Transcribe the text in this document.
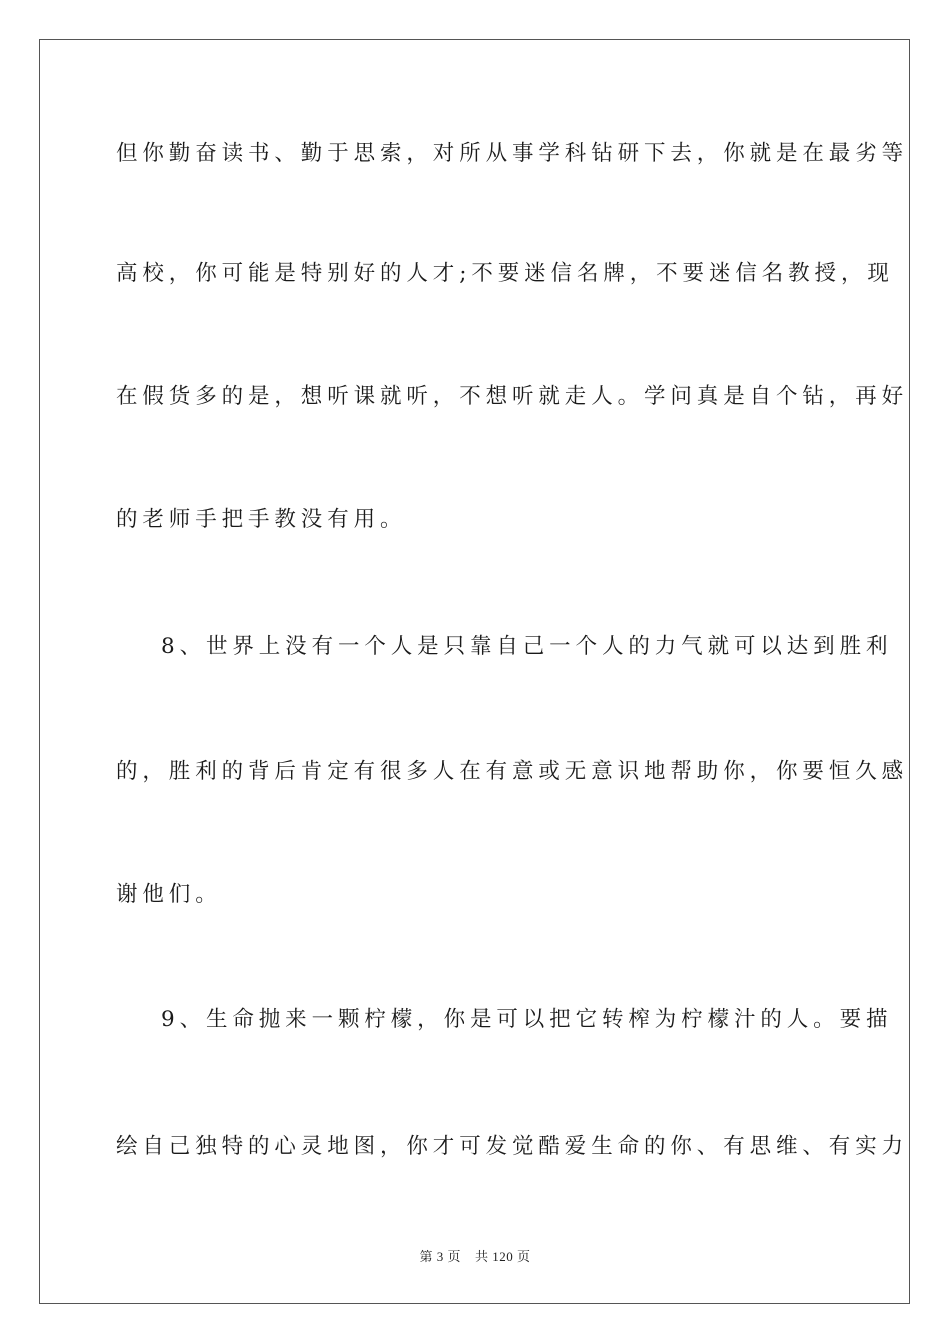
但你勤奋读书、勤于思索，对所从事学科钻研下去，你就是在最劣等
高校，你可能是特别好的人才;不要迷信名牌，不要迷信名教授，现
在假货多的是，想听课就听，不想听就走人。学问真是自个钻，再好
的老师手把手教没有用。
8、世界上没有一个人是只靠自己一个人的力气就可以达到胜利
的，胜利的背后肯定有很多人在有意或无意识地帮助你，你要恒久感
谢他们。
9、生命抛来一颗柠檬，你是可以把它转榨为柠檬汁的人。要描
绘自己独特的心灵地图，你才可发觉酷爱生命的你、有思维、有实力
第 3 页 共 120 页
